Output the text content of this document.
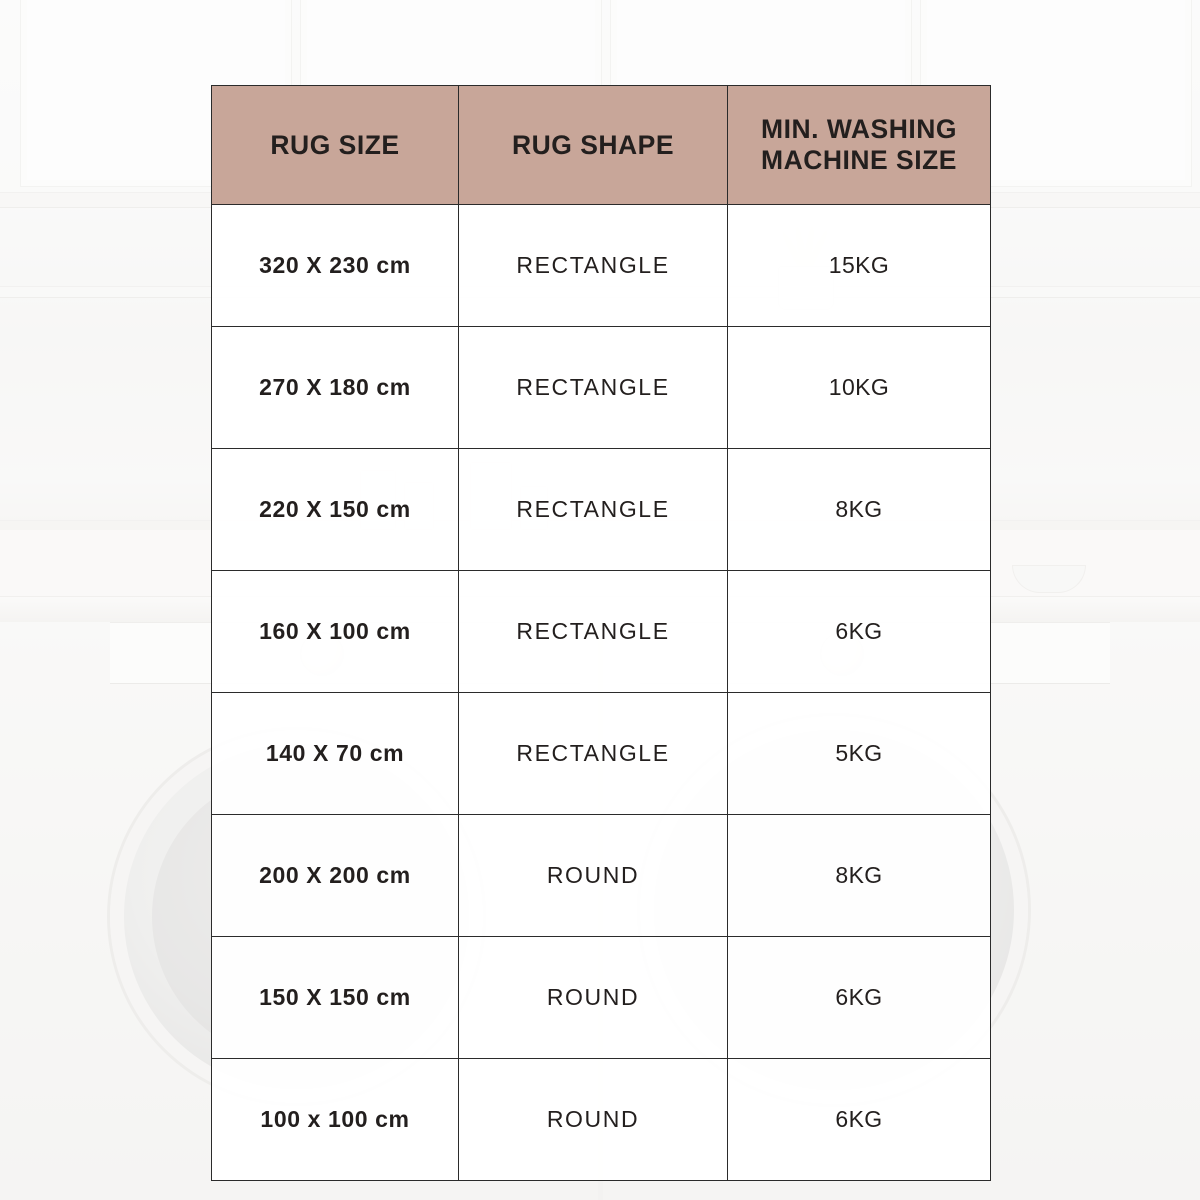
RUG SIZE	RUG SHAPE	MIN. WASHING
MACHINE SIZE

320 X 230 cm	RECTANGLE	15KG
270 X 180 cm	RECTANGLE	10KG
220 X 150 cm	RECTANGLE	8KG
160 X 100 cm	RECTANGLE	6KG
140 X 70 cm	RECTANGLE	5KG
200 X 200 cm	ROUND	8KG
150 X 150 cm	ROUND	6KG
100 x 100 cm	ROUND	6KG
